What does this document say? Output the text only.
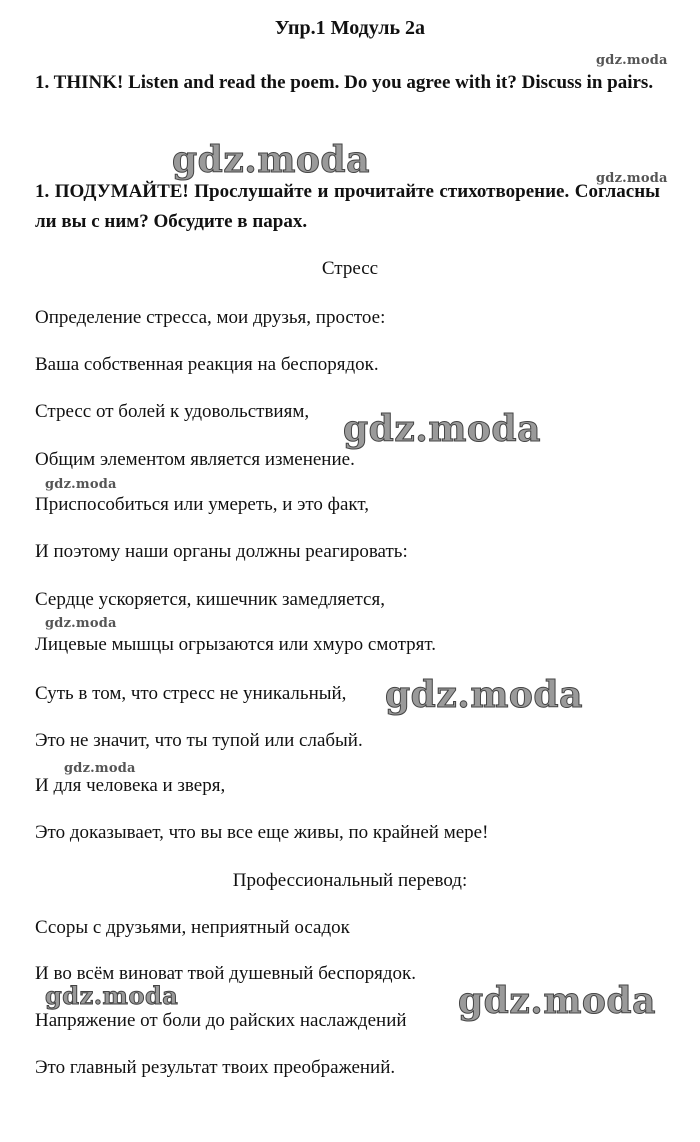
Упр.1 Модуль 2а
1. THINK! Listen and read the poem. Do you agree with it? Discuss in pairs.
1. ПОДУМАЙТЕ! Прослушайте и прочитайте стихотворение. Согласны ли вы с ним? Обсудите в парах.
Стресс
Определение стресса, мои друзья, простое:
Ваша собственная реакция на беспорядок.
Стресс от болей к удовольствиям,
Общим элементом является изменение.
Приспособиться или умереть, и это факт,
И поэтому наши органы должны реагировать:
Сердце ускоряется, кишечник замедляется,
Лицевые мышцы огрызаются или хмуро смотрят.
Суть в том, что стресс не уникальный,
Это не значит, что ты тупой или слабый.
И для человека и зверя,
Это доказывает, что вы все еще живы, по крайней мере!
Профессиональный перевод:
Ссоры с друзьями, неприятный осадок
И во всём виноват твой душевный беспорядок.
Напряжение от боли до райских наслаждений
Это главный результат твоих преображений.
gdz.moda
gdz.moda	gdz.moda
gdz.moda
gdz.moda
gdz.moda
gdz.moda
gdz.moda
gdz.moda	gdz.moda
